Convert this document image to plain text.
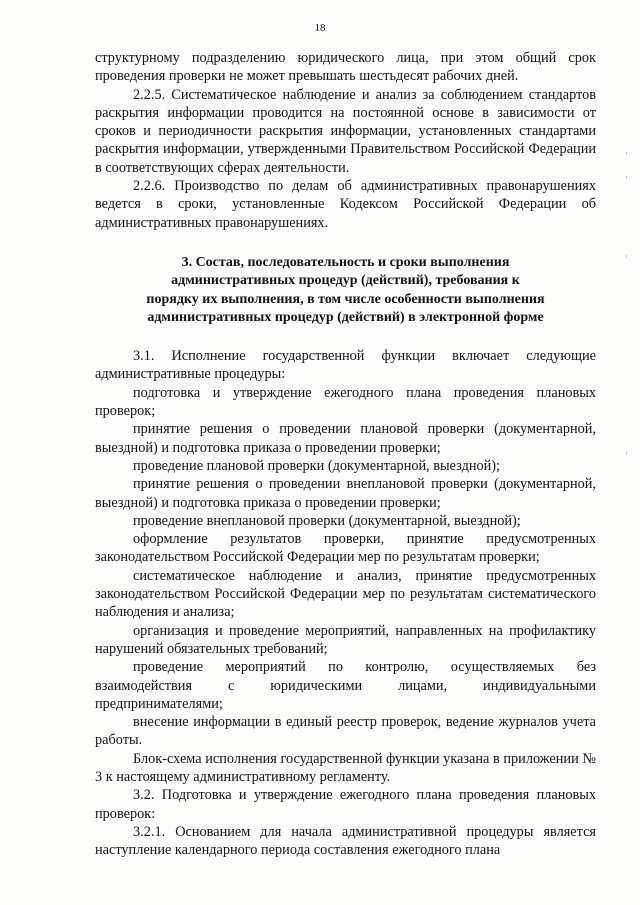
18

структурному подразделению юридического лица, при этом общий срок проведения проверки не может превышать шестьдесят рабочих дней.

2.2.5. Систематическое наблюдение и анализ за соблюдением стандартов раскрытия информации проводится на постоянной основе в зависимости от сроков и периодичности раскрытия информации, установленных стандартами раскрытия информации, утвержденными Правительством Российской Федерации в соответствующих сферах деятельности.

2.2.6. Производство по делам об административных правонарушениях ведется в сроки, установленные Кодексом Российской Федерации об административных правонарушениях.

3. Состав, последовательность и сроки выполнения
административных процедур (действий), требования к
порядку их выполнения, в том числе особенности выполнения
административных процедур (действий) в электронной форме

3.1. Исполнение государственной функции включает следующие административные процедуры:

подготовка и утверждение ежегодного плана проведения плановых проверок;

принятие решения о проведении плановой проверки (документарной, выездной) и подготовка приказа о проведении проверки;

проведение плановой проверки (документарной, выездной);

принятие решения о проведении внеплановой проверки (документарной, выездной) и подготовка приказа о проведении проверки;

проведение внеплановой проверки (документарной, выездной);

оформление результатов проверки, принятие предусмотренных законодательством Российской Федерации мер по результатам проверки;

систематическое наблюдение и анализ, принятие предусмотренных законодательством Российской Федерации мер по результатам систематического наблюдения и анализа;

организация и проведение мероприятий, направленных на профилактику нарушений обязательных требований;

проведение мероприятий по контролю, осуществляемых без взаимодействия с юридическими лицами, индивидуальными предпринимателями;

внесение информации в единый реестр проверок, ведение журналов учета работы.

Блок-схема исполнения государственной функции указана в приложении № 3 к настоящему административному регламенту.

3.2. Подготовка и утверждение ежегодного плана проведения плановых проверок:

3.2.1. Основанием для начала административной процедуры является наступление календарного периода составления ежегодного плана
